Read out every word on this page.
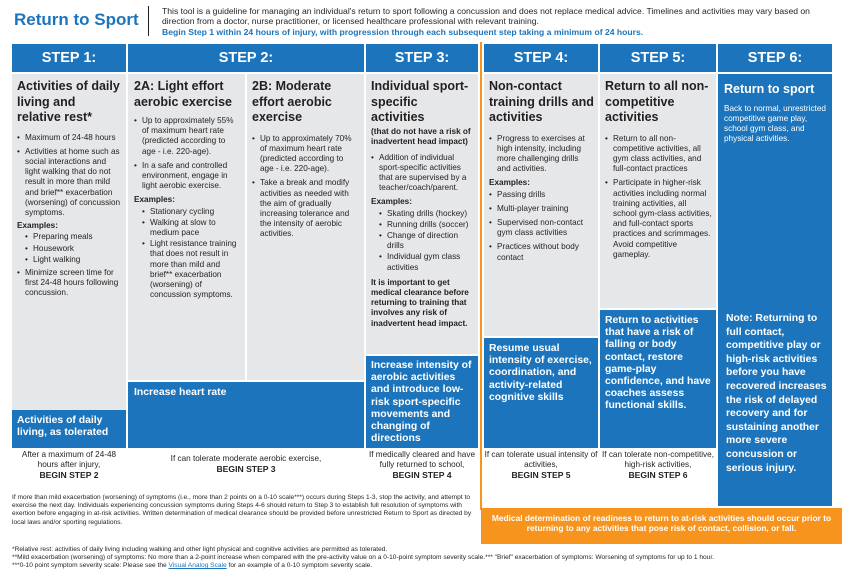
Return to Sport	This tool is a guideline for managing an individual's return to sport following a concussion and does not replace medical advice. Timelines and activities may vary based on direction from a doctor, nurse practitioner, or licensed healthcare professional with relevant training.
Begin Step 1 within 24 hours of injury, with progression through each subsequent step taking a minimum of 24 hours.
STEP 1:	STEP 2:	STEP 3:	STEP 4:	STEP 5:	STEP 6:
Activities of daily living and relative rest*
• Maximum of 24-48 hours
• Activities at home such as social interactions and light walking that do not result in more than mild and brief** exacerbation (worsening) of concussion symptoms.
Examples:
• Preparing meals
• Housework
• Light walking
• Minimize screen time for first 24-48 hours following concussion.
Activities of daily living, as tolerated
After a maximum of 24-48 hours after injury,
BEGIN STEP 2
2A: Light effort aerobic exercise
• Up to approximately 55% of maximum heart rate (predicted according to age - i.e. 220-age).
• In a safe and controlled environment, engage in light aerobic exercise.
Examples:
• Stationary cycling
• Walking at slow to medium pace
• Light resistance training that does not result in more than mild and brief** exacerbation (worsening) of concussion symptoms.
2B: Moderate effort aerobic exercise
• Up to approximately 70% of maximum heart rate (predicted according to age - i.e. 220-age).
• Take a break and modify activities as needed with the aim of gradually increasing tolerance and the intensity of aerobic activities.
Increase heart rate
If can tolerate moderate aerobic exercise,
BEGIN STEP 3
Individual sport-specific activities
(that do not have a risk of inadvertent head impact)
• Addition of individual sport-specific activities that are supervised by a teacher/coach/parent.
Examples:
• Skating drills (hockey)
• Running drills (soccer)
• Change of direction drills
• Individual gym class activities
It is important to get medical clearance before returning to training that involves any risk of inadvertent head impact.
Increase intensity of aerobic activities and introduce low-risk sport-specific movements and changing of directions
If medically cleared and have fully returned to school,
BEGIN STEP 4
Non-contact training drills and activities
• Progress to exercises at high intensity, including more challenging drills and activities.
Examples:
• Passing drills
• Multi-player training
• Supervised non-contact gym class activities
• Practices without body contact
Resume usual intensity of exercise, coordination, and activity-related cognitive skills
If can tolerate usual intensity of activities,
BEGIN STEP 5
Return to all non-competitive activities
• Return to all non-competitive activities, all gym class activities, and full-contact practices
• Participate in higher-risk activities including normal training activities, all school gym-class activities, and full-contact sports practices and scrimmages. Avoid competitive gameplay.
Return to activities that have a risk of falling or body contact, restore game-play confidence, and have coaches assess functional skills.
If can tolerate non-competitive, high-risk activities,
BEGIN STEP 6
Return to sport
Back to normal, unrestricted competitive game play, school gym class, and physical activities.
Note: Returning to full contact, competitive play or high-risk activities before you have recovered increases the risk of delayed recovery and for sustaining another more severe concussion or serious injury.
If more than mild exacerbation (worsening) of symptoms (i.e., more than 2 points on a 0-10 scale***) occurs during Steps 1-3, stop the activity, and attempt to exercise the next day. Individuals experiencing concussion symptoms during Steps 4-6 should return to Step 3 to establish full resolution of symptoms with exertion before engaging in at-risk activities. Written determination of medical clearance should be provided before unrestricted Return to Sport as directed by local laws and/or sporting regulations.	Medical determination of readiness to return to at-risk activities should occur prior to returning to any activities that pose risk of contact, collision, or fall.
*Relative rest: activities of daily living including walking and other light physical and cognitive activities are permitted as tolerated.
**Mild exacerbation (worsening) of symptoms: No more than a 2-point increase when compared with the pre-activity value on a 0-10-point symptom severity scale.*** "Brief" exacerbation of symptoms: Worsening of symptoms for up to 1 hour.
***0-10 point symptom severity scale: Please see the Visual Analog Scale for an example of a 0-10 symptom severity scale.
